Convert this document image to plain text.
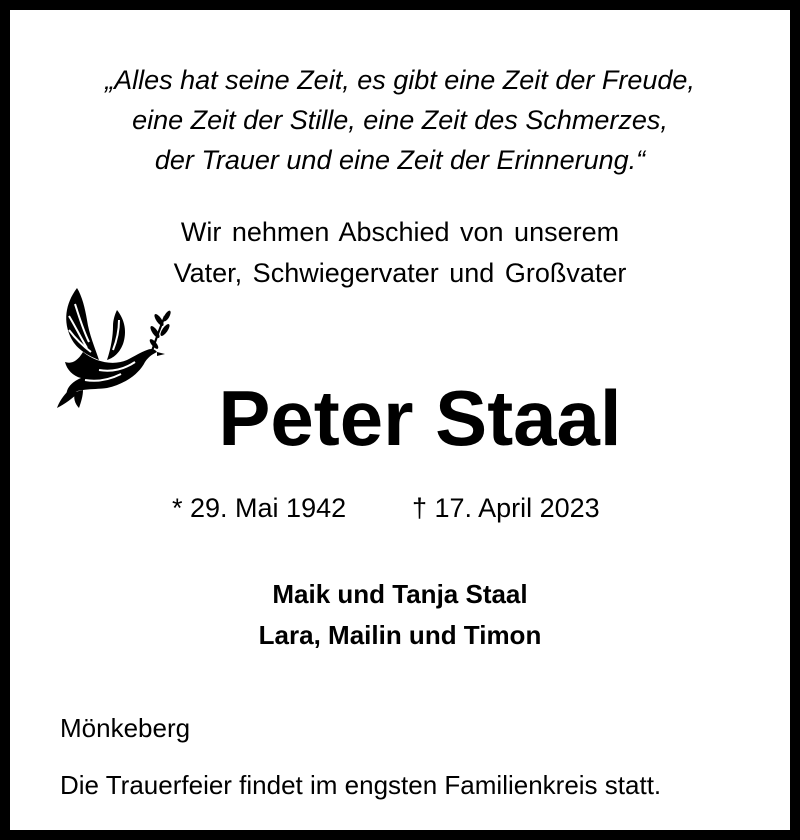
„Alles hat seine Zeit, es gibt eine Zeit der Freude,
eine Zeit der Stille, eine Zeit des Schmerzes,
der Trauer und eine Zeit der Erinnerung.“
Wir nehmen Abschied von unserem
Vater, Schwiegervater und Großvater
Peter Staal
* 29. Mai 1942 † 17. April 2023
Maik und Tanja Staal
Lara, Mailin und Timon
Mönkeberg
Die Trauerfeier findet im engsten Familienkreis statt.
